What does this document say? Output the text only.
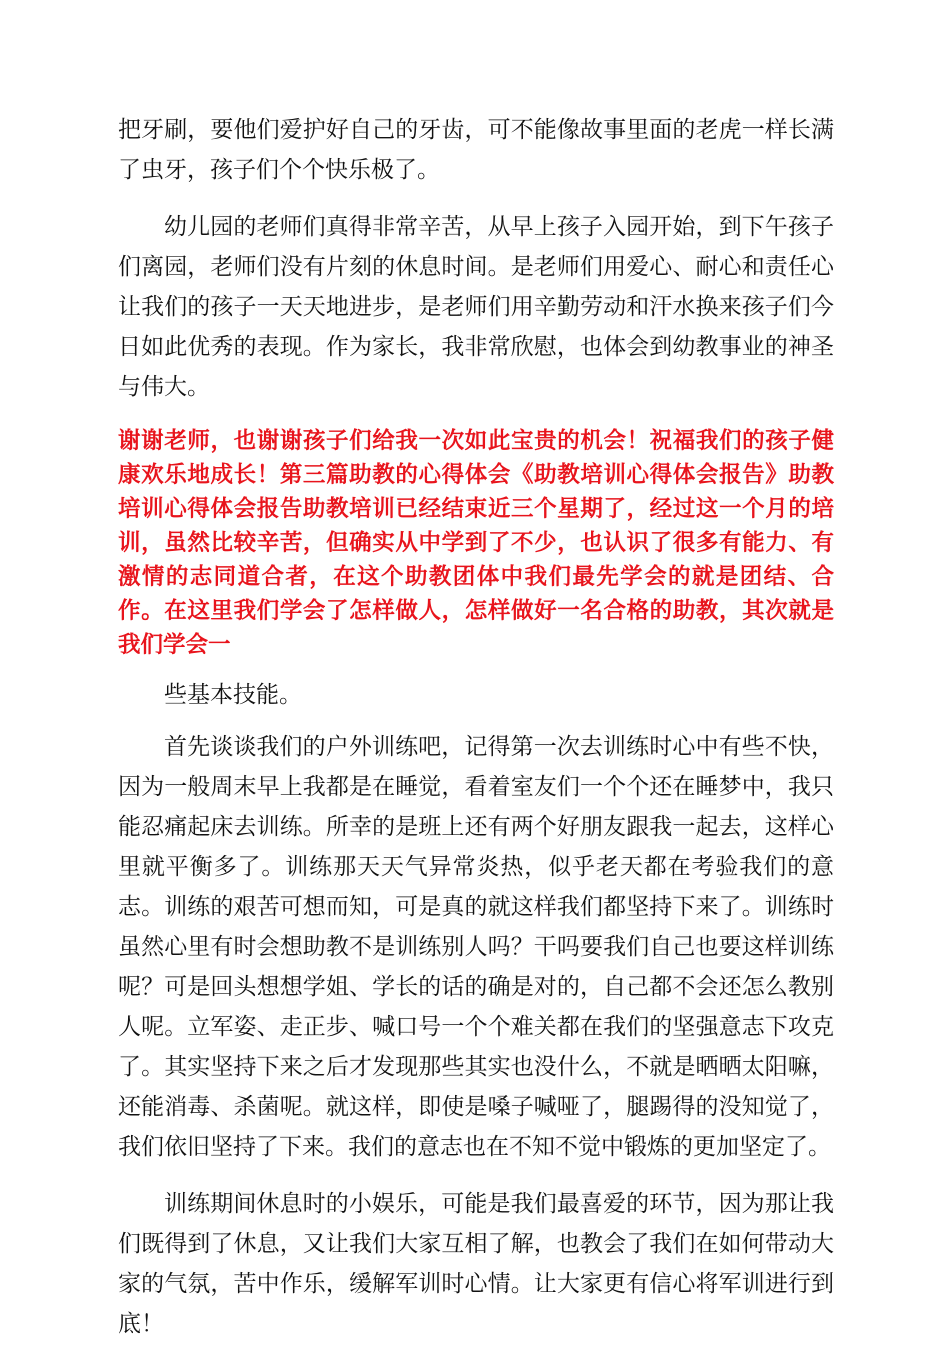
把牙刷，要他们爱护好自己的牙齿，可不能像故事里面的老虎一样长满了虫牙，孩子们个个快乐极了。

幼儿园的老师们真得非常辛苦，从早上孩子入园开始，到下午孩子们离园，老师们没有片刻的休息时间。是老师们用爱心、耐心和责任心让我们的孩子一天天地进步，是老师们用辛勤劳动和汗水换来孩子们今日如此优秀的表现。作为家长，我非常欣慰，也体会到幼教事业的神圣与伟大。

谢谢老师，也谢谢孩子们给我一次如此宝贵的机会！祝福我们的孩子健康欢乐地成长！第三篇助教的心得体会《助教培训心得体会报告》助教培训心得体会报告助教培训已经结束近三个星期了，经过这一个月的培训，虽然比较辛苦，但确实从中学到了不少，也认识了很多有能力、有激情的志同道合者，在这个助教团体中我们最先学会的就是团结、合作。在这里我们学会了怎样做人，怎样做好一名合格的助教，其次就是我们学会一

些基本技能。

首先谈谈我们的户外训练吧，记得第一次去训练时心中有些不快，因为一般周末早上我都是在睡觉，看着室友们一个个还在睡梦中，我只能忍痛起床去训练。所幸的是班上还有两个好朋友跟我一起去，这样心里就平衡多了。训练那天天气异常炎热，似乎老天都在考验我们的意志。训练的艰苦可想而知，可是真的就这样我们都坚持下来了。训练时虽然心里有时会想助教不是训练别人吗？干吗要我们自己也要这样训练呢？可是回头想想学姐、学长的话的确是对的，自己都不会还怎么教别人呢。立军姿、走正步、喊口号一个个难关都在我们的坚强意志下攻克了。其实坚持下来之后才发现那些其实也没什么，不就是晒晒太阳嘛，还能消毒、杀菌呢。就这样，即使是嗓子喊哑了，腿踢得的没知觉了，我们依旧坚持了下来。我们的意志也在不知不觉中锻炼的更加坚定了。

训练期间休息时的小娱乐，可能是我们最喜爱的环节，因为那让我们既得到了休息，又让我们大家互相了解，也教会了我们在如何带动大家的气氛，苦中作乐，缓解军训时心情。让大家更有信心将军训进行到底！
